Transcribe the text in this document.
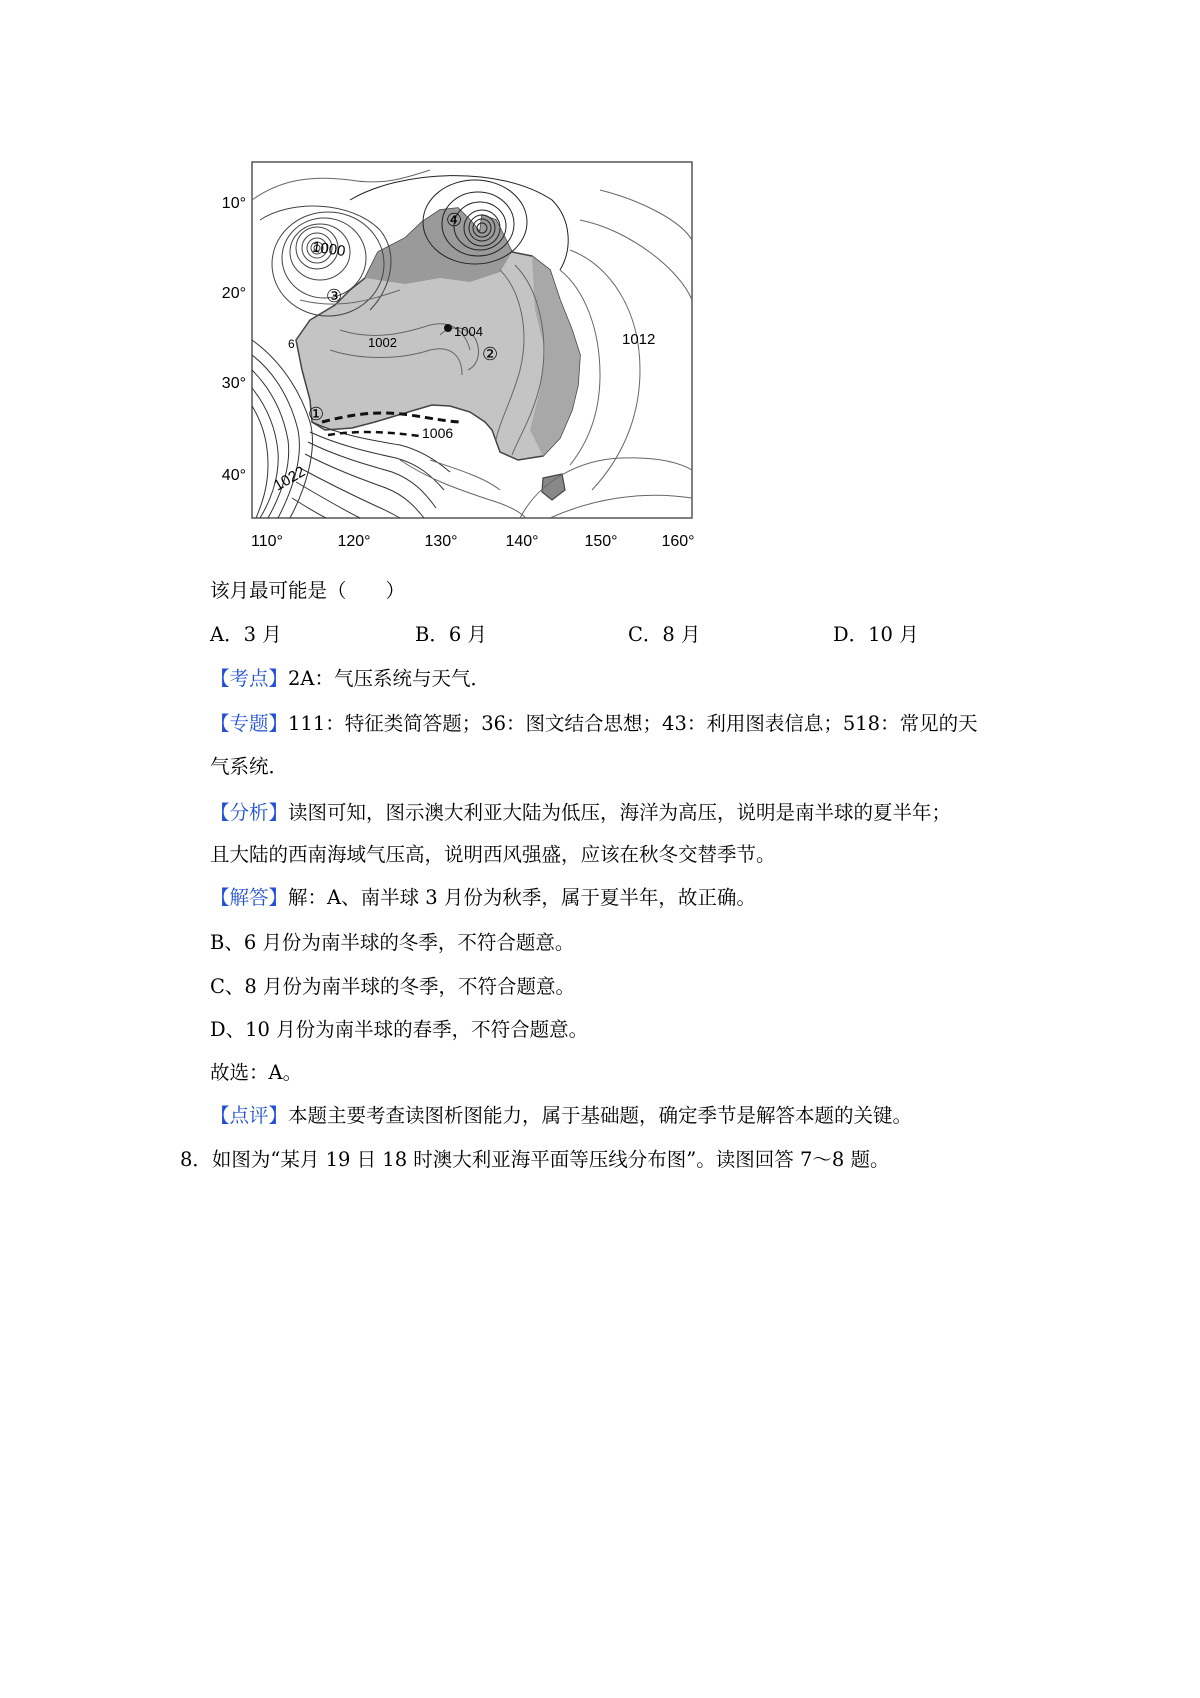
10°
20°
30°
40°
110°	120°	130°	140°	150°	160°
1000
1002
1004
1006
1012
1022
6
①
②
③
④
该月最可能是（　　）
A．3 月	B．6 月	C．8 月	D．10 月
【考点】2A：气压系统与天气．
【专题】111：特征类简答题；36：图文结合思想；43：利用图表信息；518：常见的天
气系统．
【分析】读图可知，图示澳大利亚大陆为低压，海洋为高压，说明是南半球的夏半年；
且大陆的西南海域气压高，说明西风强盛，应该在秋冬交替季节。
【解答】解：A、南半球 3 月份为秋季，属于夏半年，故正确。
B、6 月份为南半球的冬季，不符合题意。
C、8 月份为南半球的冬季，不符合题意。
D、10 月份为南半球的春季，不符合题意。
故选：A。
【点评】本题主要考查读图析图能力，属于基础题，确定季节是解答本题的关键。
8．如图为“某月 19 日 18 时澳大利亚海平面等压线分布图”。读图回答 7～8 题。
